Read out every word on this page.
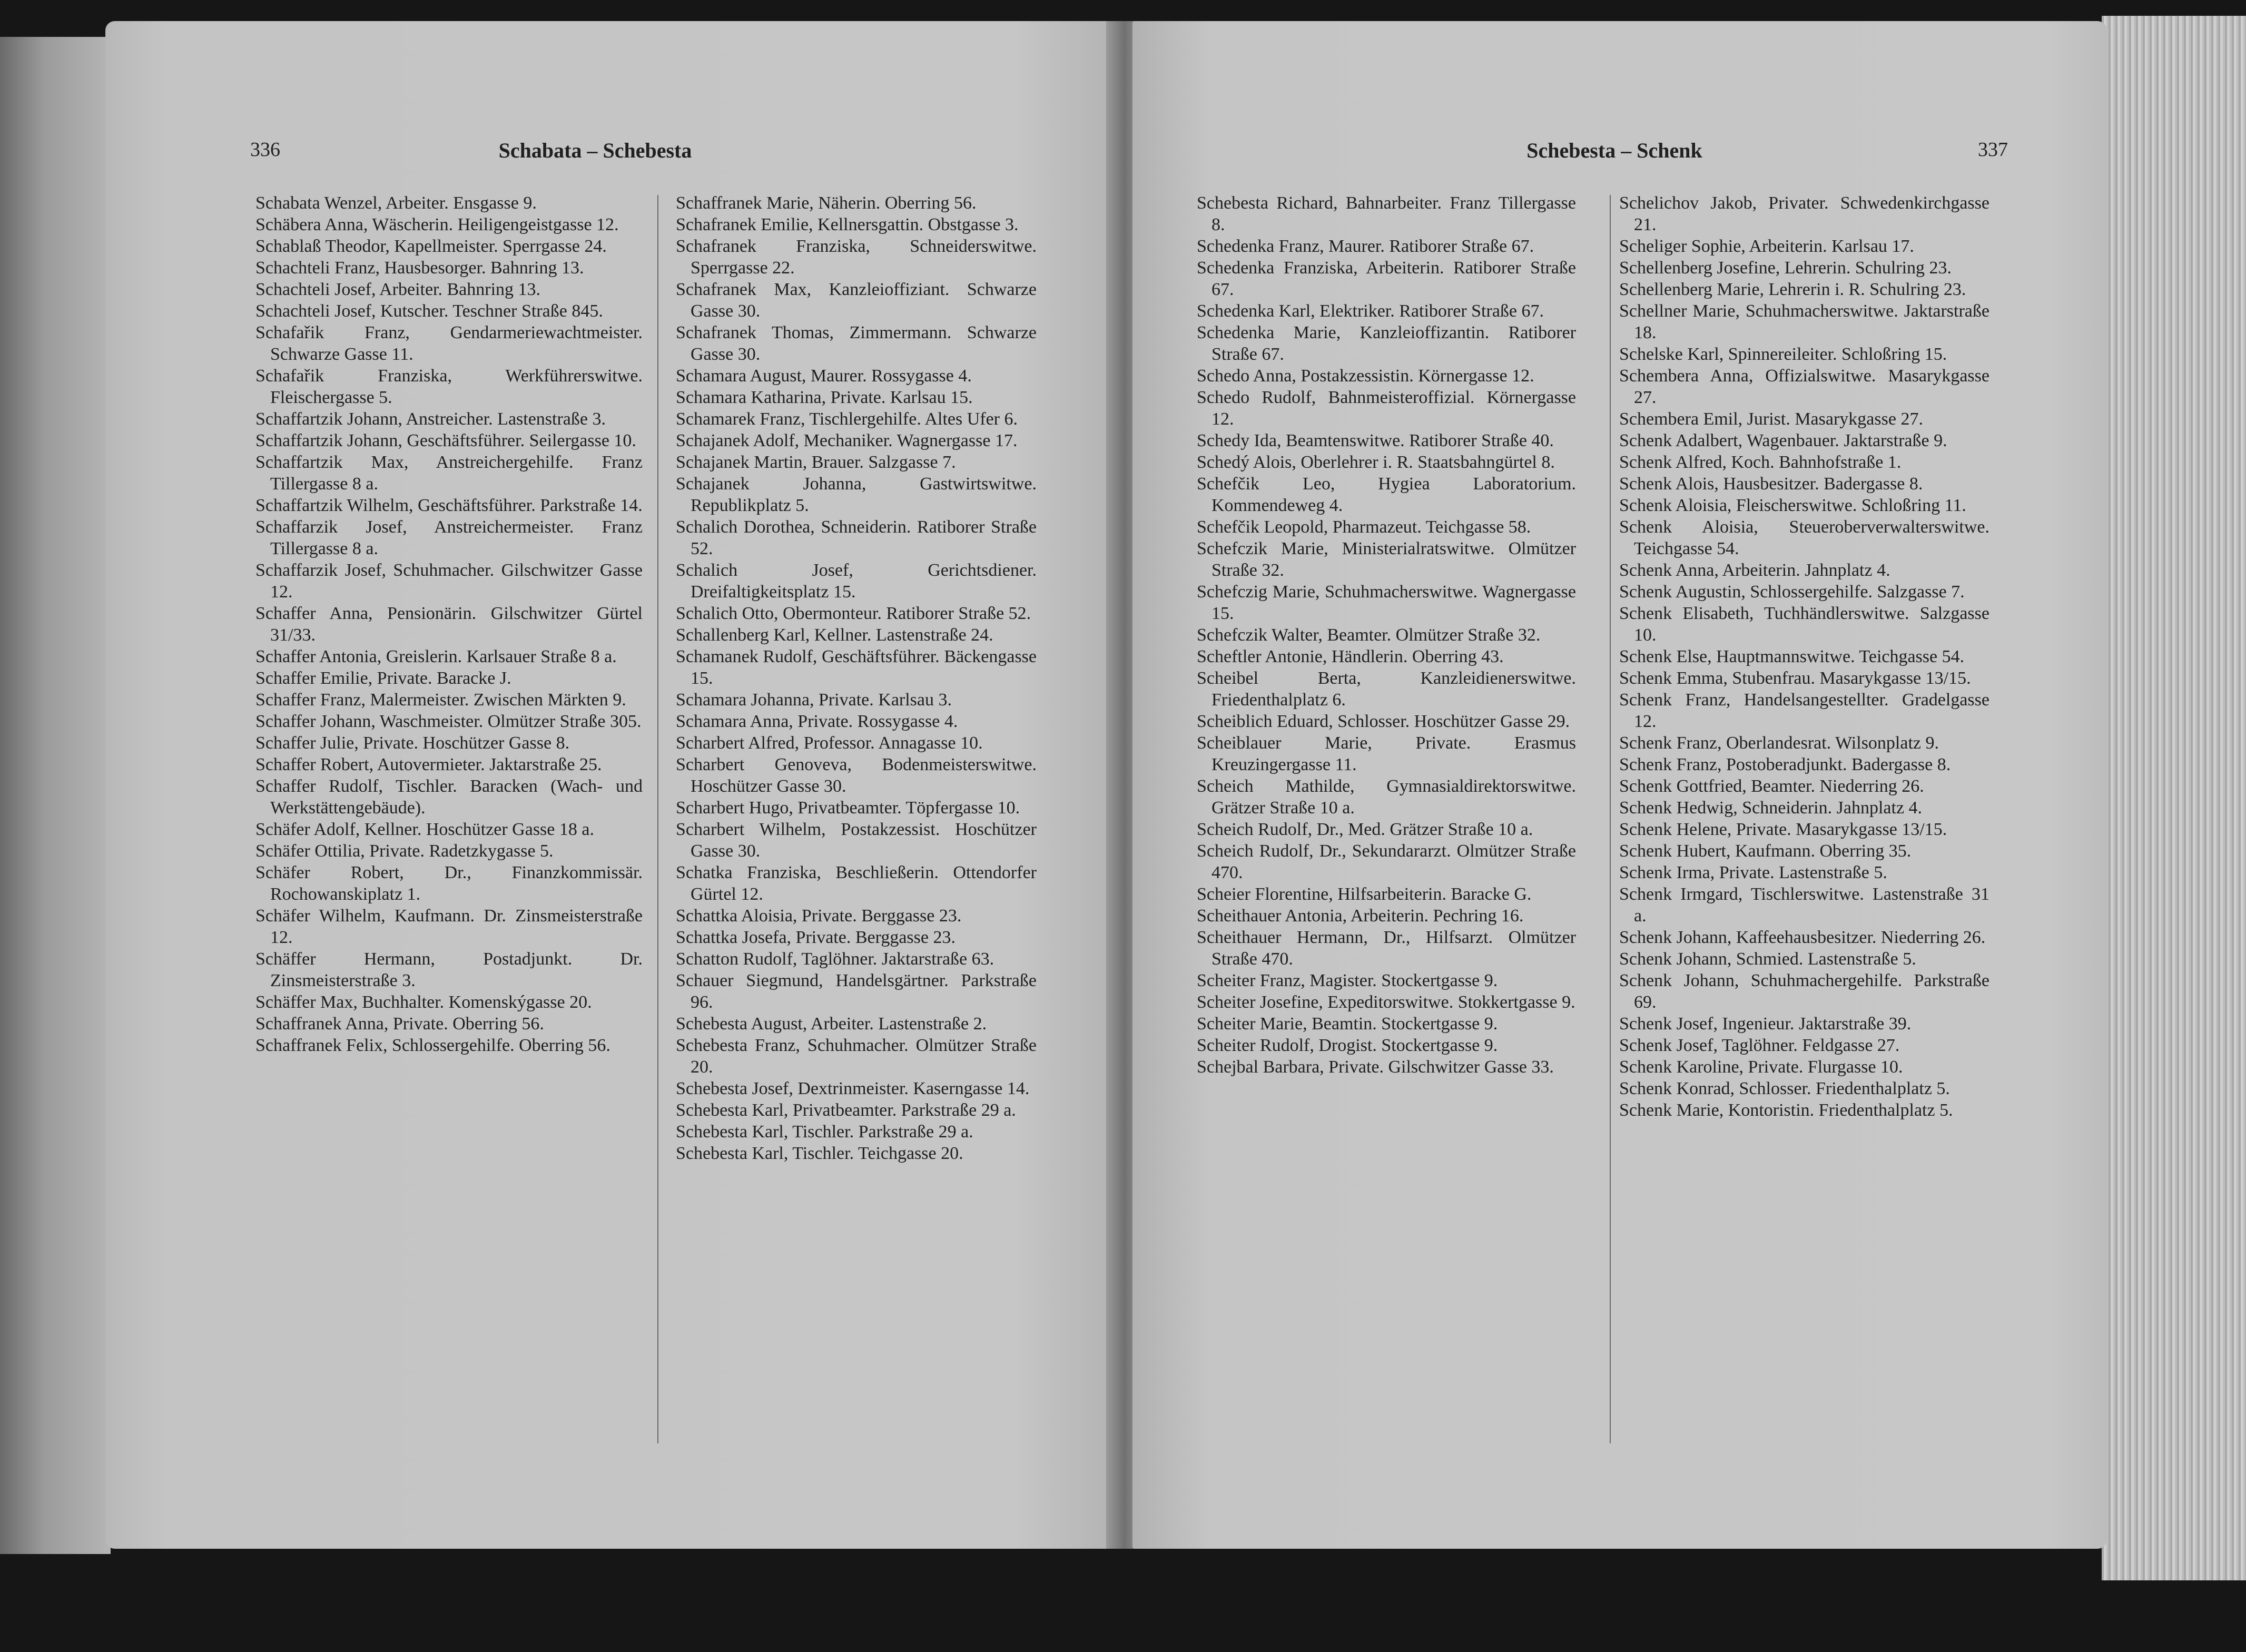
336	Schabata – Schebesta
Schabata Wenzel, Arbeiter. Ensgasse 9.
Schäbera Anna, Wäscherin. Heiligengeistgasse 12.
Schablaß Theodor, Kapellmeister. Sperrgasse 24.
Schachteli Franz, Hausbesorger. Bahnring 13.
Schachteli Josef, Arbeiter. Bahnring 13.
Schachteli Josef, Kutscher. Teschner Straße 845.
Schafařik Franz, Gendarmeriewachtmeister. Schwarze Gasse 11.
Schafařik Franziska, Werkführerswitwe. Fleischergasse 5.
Schaffartzik Johann, Anstreicher. Lastenstraße 3.
Schaffartzik Johann, Geschäftsführer. Seilergasse 10.
Schaffartzik Max, Anstreichergehilfe. Franz Tillergasse 8 a.
Schaffartzik Wilhelm, Geschäftsführer. Parkstraße 14.
Schaffarzik Josef, Anstreichermeister. Franz Tillergasse 8 a.
Schaffarzik Josef, Schuhmacher. Gilschwitzer Gasse 12.
Schaffer Anna, Pensionärin. Gilschwitzer Gürtel 31/33.
Schaffer Antonia, Greislerin. Karlsauer Straße 8 a.
Schaffer Emilie, Private. Baracke J.
Schaffer Franz, Malermeister. Zwischen Märkten 9.
Schaffer Johann, Waschmeister. Olmützer Straße 305.
Schaffer Julie, Private. Hoschützer Gasse 8.
Schaffer Robert, Autovermieter. Jaktarstraße 25.
Schaffer Rudolf, Tischler. Baracken (Wach- und Werkstättengebäude).
Schäfer Adolf, Kellner. Hoschützer Gasse 18 a.
Schäfer Ottilia, Private. Radetzkygasse 5.
Schäfer Robert, Dr., Finanzkommissär. Rochowanskiplatz 1.
Schäfer Wilhelm, Kaufmann. Dr. Zinsmeisterstraße 12.
Schäffer Hermann, Postadjunkt. Dr. Zinsmeisterstraße 3.
Schäffer Max, Buchhalter. Komenskýgasse 20.
Schaffranek Anna, Private. Oberring 56.
Schaffranek Felix, Schlossergehilfe. Oberring 56.
Schaffranek Marie, Näherin. Oberring 56.
Schafranek Emilie, Kellnersgattin. Obstgasse 3.
Schafranek Franziska, Schneiderswitwe. Sperrgasse 22.
Schafranek Max, Kanzleioffiziant. Schwarze Gasse 30.
Schafranek Thomas, Zimmermann. Schwarze Gasse 30.
Schamara August, Maurer. Rossygasse 4.
Schamara Katharina, Private. Karlsau 15.
Schamarek Franz, Tischlergehilfe. Altes Ufer 6.
Schajanek Adolf, Mechaniker. Wagnergasse 17.
Schajanek Martin, Brauer. Salzgasse 7.
Schajanek Johanna, Gastwirtswitwe. Republikplatz 5.
Schalich Dorothea, Schneiderin. Ratiborer Straße 52.
Schalich Josef, Gerichtsdiener. Dreifaltigkeitsplatz 15.
Schalich Otto, Obermonteur. Ratiborer Straße 52.
Schallenberg Karl, Kellner. Lastenstraße 24.
Schamanek Rudolf, Geschäftsführer. Bäckengasse 15.
Schamara Johanna, Private. Karlsau 3.
Schamara Anna, Private. Rossygasse 4.
Scharbert Alfred, Professor. Annagasse 10.
Scharbert Genoveva, Bodenmeisterswitwe. Hoschützer Gasse 30.
Scharbert Hugo, Privatbeamter. Töpfergasse 10.
Scharbert Wilhelm, Postakzessist. Hoschützer Gasse 30.
Schatka Franziska, Beschließerin. Ottendorfer Gürtel 12.
Schattka Aloisia, Private. Berggasse 23.
Schattka Josefa, Private. Berggasse 23.
Schatton Rudolf, Taglöhner. Jaktarstraße 63.
Schauer Siegmund, Handelsgärtner. Parkstraße 96.
Schebesta August, Arbeiter. Lastenstraße 2.
Schebesta Franz, Schuhmacher. Olmützer Straße 20.
Schebesta Josef, Dextrinmeister. Kaserngasse 14.
Schebesta Karl, Privatbeamter. Parkstraße 29 a.
Schebesta Karl, Tischler. Parkstraße 29 a.
Schebesta Karl, Tischler. Teichgasse 20.
Schebesta – Schenk	337
Schebesta Richard, Bahnarbeiter. Franz Tillergasse 8.
Schedenka Franz, Maurer. Ratiborer Straße 67.
Schedenka Franziska, Arbeiterin. Ratiborer Straße 67.
Schedenka Karl, Elektriker. Ratiborer Straße 67.
Schedenka Marie, Kanzleioffizantin. Ratiborer Straße 67.
Schedo Anna, Postakzessistin. Körnergasse 12.
Schedo Rudolf, Bahnmeisteroffizial. Körnergasse 12.
Schedy Ida, Beamtenswitwe. Ratiborer Straße 40.
Schedý Alois, Oberlehrer i. R. Staatsbahngürtel 8.
Schefčik Leo, Hygiea Laboratorium. Kommendeweg 4.
Schefčik Leopold, Pharmazeut. Teichgasse 58.
Schefczik Marie, Ministerialratswitwe. Olmützer Straße 32.
Schefczig Marie, Schuhmacherswitwe. Wagnergasse 15.
Schefczik Walter, Beamter. Olmützer Straße 32.
Scheftler Antonie, Händlerin. Oberring 43.
Scheibel Berta, Kanzleidienerswitwe. Friedenthalplatz 6.
Scheiblich Eduard, Schlosser. Hoschützer Gasse 29.
Scheiblauer Marie, Private. Erasmus Kreuzingergasse 11.
Scheich Mathilde, Gymnasialdirektorswitwe. Grätzer Straße 10 a.
Scheich Rudolf, Dr., Med. Grätzer Straße 10 a.
Scheich Rudolf, Dr., Sekundararzt. Olmützer Straße 470.
Scheier Florentine, Hilfsarbeiterin. Baracke G.
Scheithauer Antonia, Arbeiterin. Pechring 16.
Scheithauer Hermann, Dr., Hilfsarzt. Olmützer Straße 470.
Scheiter Franz, Magister. Stockertgasse 9.
Scheiter Josefine, Expeditorswitwe. Stokkertgasse 9.
Scheiter Marie, Beamtin. Stockertgasse 9.
Scheiter Rudolf, Drogist. Stockertgasse 9.
Schejbal Barbara, Private. Gilschwitzer Gasse 33.
Schelichov Jakob, Privater. Schwedenkirchgasse 21.
Scheliger Sophie, Arbeiterin. Karlsau 17.
Schellenberg Josefine, Lehrerin. Schulring 23.
Schellenberg Marie, Lehrerin i. R. Schulring 23.
Schellner Marie, Schuhmacherswitwe. Jaktarstraße 18.
Schelske Karl, Spinnereileiter. Schloßring 15.
Schembera Anna, Offizialswitwe. Masarykgasse 27.
Schembera Emil, Jurist. Masarykgasse 27.
Schenk Adalbert, Wagenbauer. Jaktarstraße 9.
Schenk Alfred, Koch. Bahnhofstraße 1.
Schenk Alois, Hausbesitzer. Badergasse 8.
Schenk Aloisia, Fleischerswitwe. Schloßring 11.
Schenk Aloisia, Steueroberverwalterswitwe. Teichgasse 54.
Schenk Anna, Arbeiterin. Jahnplatz 4.
Schenk Augustin, Schlossergehilfe. Salzgasse 7.
Schenk Elisabeth, Tuchhändlerswitwe. Salzgasse 10.
Schenk Else, Hauptmannswitwe. Teichgasse 54.
Schenk Emma, Stubenfrau. Masarykgasse 13/15.
Schenk Franz, Handelsangestellter. Gradelgasse 12.
Schenk Franz, Oberlandesrat. Wilsonplatz 9.
Schenk Franz, Postoberadjunkt. Badergasse 8.
Schenk Gottfried, Beamter. Niederring 26.
Schenk Hedwig, Schneiderin. Jahnplatz 4.
Schenk Helene, Private. Masarykgasse 13/15.
Schenk Hubert, Kaufmann. Oberring 35.
Schenk Irma, Private. Lastenstraße 5.
Schenk Irmgard, Tischlerswitwe. Lastenstraße 31 a.
Schenk Johann, Kaffeehausbesitzer. Niederring 26.
Schenk Johann, Schmied. Lastenstraße 5.
Schenk Johann, Schuhmachergehilfe. Parkstraße 69.
Schenk Josef, Ingenieur. Jaktarstraße 39.
Schenk Josef, Taglöhner. Feldgasse 27.
Schenk Karoline, Private. Flurgasse 10.
Schenk Konrad, Schlosser. Friedenthalplatz 5.
Schenk Marie, Kontoristin. Friedenthalplatz 5.
